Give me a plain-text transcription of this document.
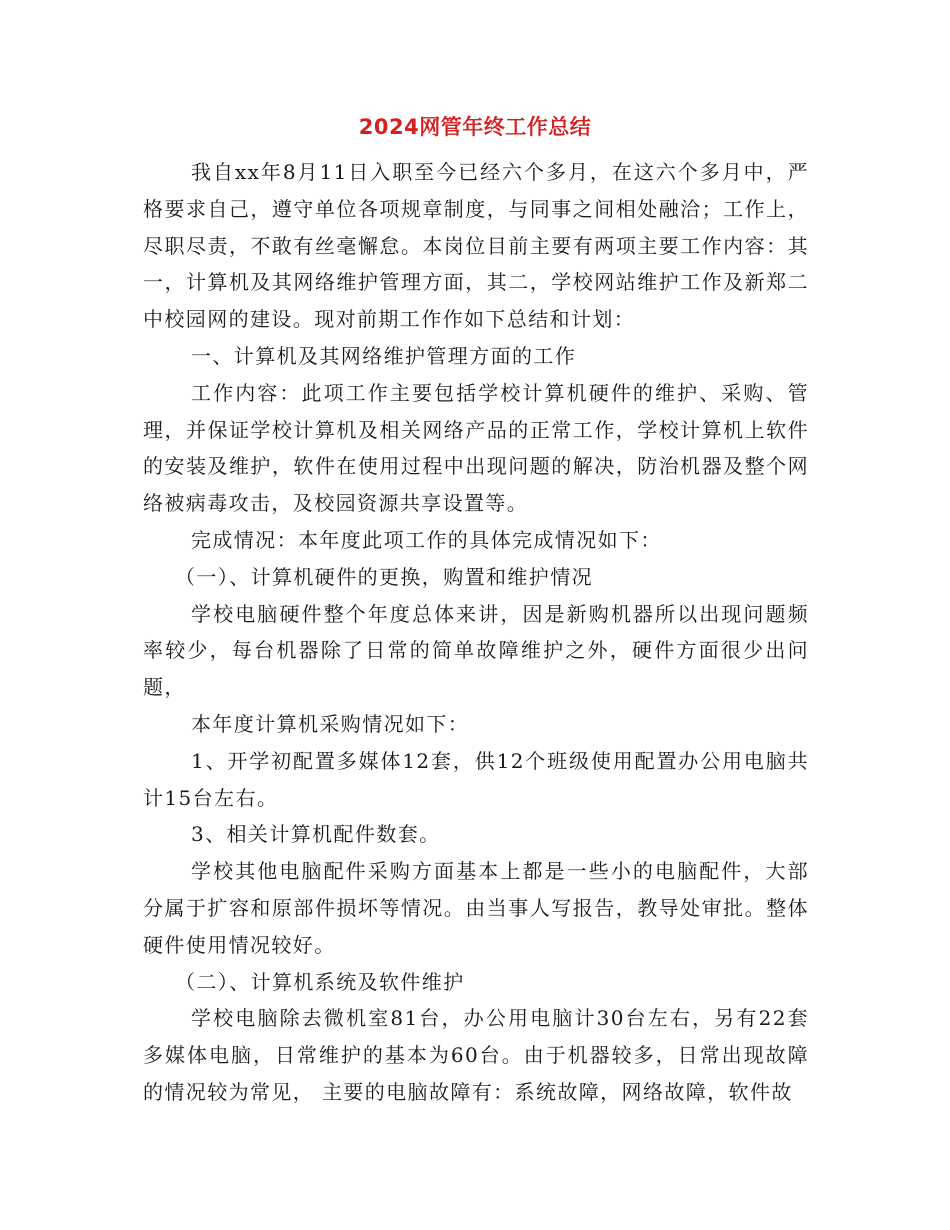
2024网管年终工作总结

我自xx年8月11日入职至今已经六个多月，在这六个多月中，严格要求自己，遵守单位各项规章制度，与同事之间相处融洽；工作上，尽职尽责，不敢有丝毫懈怠。本岗位目前主要有两项主要工作内容：其一，计算机及其网络维护管理方面，其二，学校网站维护工作及新郑二中校园网的建设。现对前期工作作如下总结和计划：

一、计算机及其网络维护管理方面的工作

工作内容：此项工作主要包括学校计算机硬件的维护、采购、管理，并保证学校计算机及相关网络产品的正常工作，学校计算机上软件的安装及维护，软件在使用过程中出现问题的解决，防治机器及整个网络被病毒攻击，及校园资源共享设置等。

完成情况：本年度此项工作的具体完成情况如下：

（一）、计算机硬件的更换，购置和维护情况

学校电脑硬件整个年度总体来讲，因是新购机器所以出现问题频率较少，每台机器除了日常的简单故障维护之外，硬件方面很少出问题，

本年度计算机采购情况如下：

1、开学初配置多媒体12套，供12个班级使用配置办公用电脑共计15台左右。

3、相关计算机配件数套。

学校其他电脑配件采购方面基本上都是一些小的电脑配件，大部分属于扩容和原部件损坏等情况。由当事人写报告，教导处审批。整体硬件使用情况较好。

（二）、计算机系统及软件维护

学校电脑除去微机室81台，办公用电脑计30台左右，另有22套多媒体电脑，日常维护的基本为60台。由于机器较多，日常出现故障的情况较为常见， 主要的电脑故障有：系统故障，网络故障，软件故
